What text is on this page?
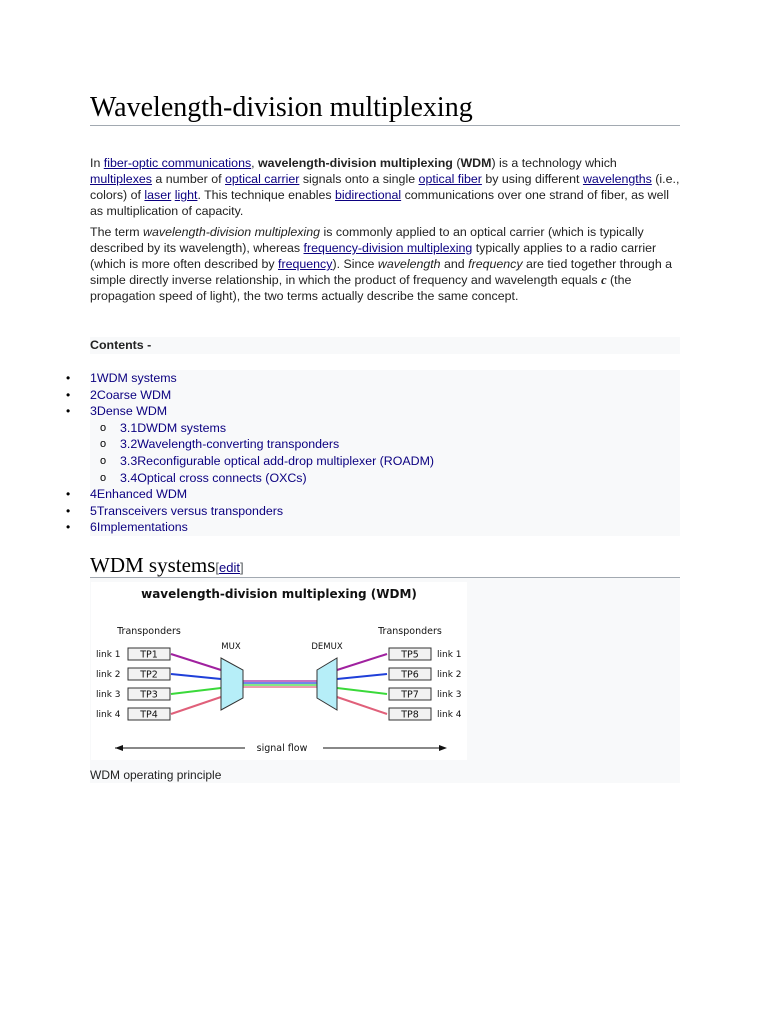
Wavelength-division multiplexing

In fiber-optic communications, wavelength-division multiplexing (WDM) is a technology which multiplexes a number of optical carrier signals onto a single optical fiber by using different wavelengths (i.e., colors) of laser light. This technique enables bidirectional communications over one strand of fiber, as well as multiplication of capacity.

The term wavelength-division multiplexing is commonly applied to an optical carrier (which is typically described by its wavelength), whereas frequency-division multiplexing typically applies to a radio carrier (which is more often described by frequency). Since wavelength and frequency are tied together through a simple directly inverse relationship, in which the product of frequency and wavelength equals c (the propagation speed of light), the two terms actually describe the same concept.

Contents -
• 1WDM systems
• 2Coarse WDM
• 3Dense WDM
o 3.1DWDM systems
o 3.2Wavelength-converting transponders
o 3.3Reconfigurable optical add-drop multiplexer (ROADM)
o 3.4Optical cross connects (OXCs)
• 4Enhanced WDM
• 5Transceivers versus transponders
• 6Implementations
WDM systems[edit]
wavelength-division multiplexing (WDM)
Transponders	Transponders
MUX	DEMUX
link 1
link 2
link 3
link 4
TP1
TP2
TP3
TP4
TP5
TP6
TP7
TP8
link 1
link 2
link 3
link 4
signal flow
WDM operating principle
